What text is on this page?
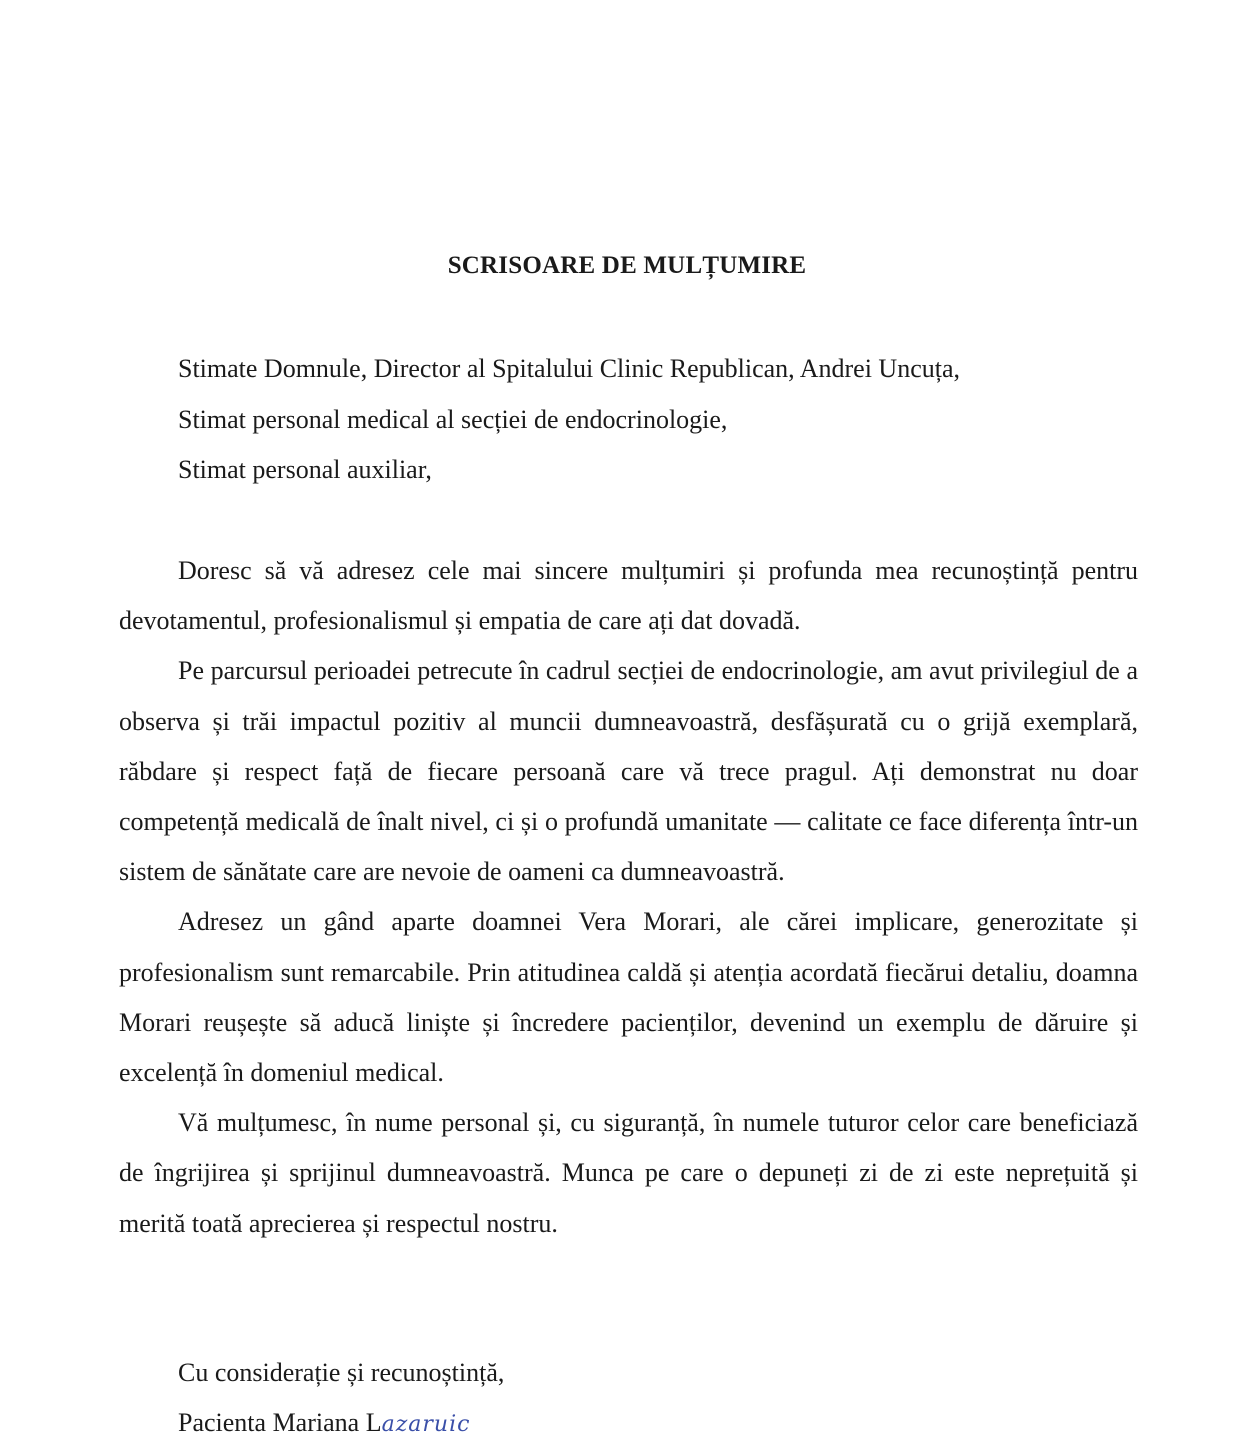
SCRISOARE DE MULȚUMIRE
Stimate Domnule, Director al Spitalului Clinic Republican, Andrei Uncuța,
Stimat personal medical al secției de endocrinologie,
Stimat personal auxiliar,

Doresc să vă adresez cele mai sincere mulțumiri și profunda mea recunoștință pentru devotamentul, profesionalismul și empatia de care ați dat dovadă.

Pe parcursul perioadei petrecute în cadrul secției de endocrinologie, am avut privilegiul de a observa și trăi impactul pozitiv al muncii dumneavoastră, desfășurată cu o grijă exemplară, răbdare și respect față de fiecare persoană care vă trece pragul. Ați demonstrat nu doar competență medicală de înalt nivel, ci și o profundă umanitate — calitate ce face diferența într-un sistem de sănătate care are nevoie de oameni ca dumneavoastră.

Adresez un gând aparte doamnei Vera Morari, ale cărei implicare, generozitate și profesionalism sunt remarcabile. Prin atitudinea caldă și atenția acordată fiecărui detaliu, doamna Morari reușește să aducă liniște și încredere pacienților, devenind un exemplu de dăruire și excelență în domeniul medical.

Vă mulțumesc, în nume personal și, cu siguranță, în numele tuturor celor care beneficiază de îngrijirea și sprijinul dumneavoastră. Munca pe care o depuneți zi de zi este neprețuită și merită toată aprecierea și respectul nostru.

Cu considerație și recunoștință,
Pacienta Mariana Lazaruic
